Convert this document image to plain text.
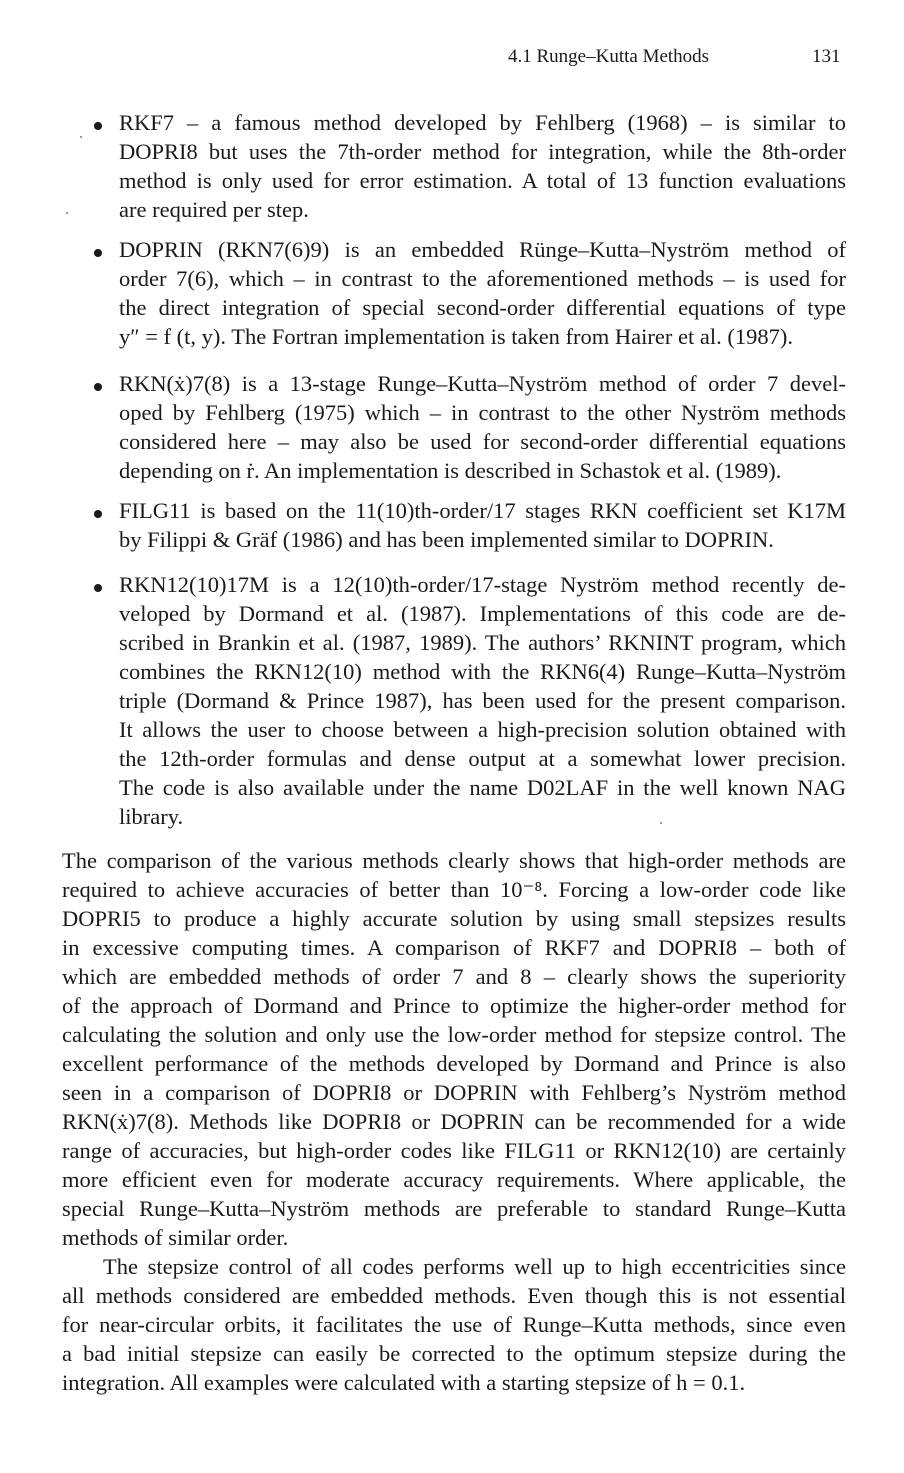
4.1 Runge–Kutta Methods	131
RKF7 – a famous method developed by Fehlberg (1968) – is similar to
DOPRI8 but uses the 7th-order method for integration, while the 8th-order
method is only used for error estimation. A total of 13 function evaluations
are required per step.
DOPRIN (RKN7(6)9) is an embedded Rünge–Kutta–Nyström method of
order 7(6), which – in contrast to the aforementioned methods – is used for
the direct integration of special second-order differential equations of type
y″ = f (t, y). The Fortran implementation is taken from Hairer et al. (1987).
RKN(ẋ)7(8) is a 13-stage Runge–Kutta–Nyström method of order 7 devel-
oped by Fehlberg (1975) which – in contrast to the other Nyström methods
considered here – may also be used for second-order differential equations
depending on ṙ. An implementation is described in Schastok et al. (1989).
FILG11 is based on the 11(10)th-order/17 stages RKN coefficient set K17M
by Filippi & Gräf (1986) and has been implemented similar to DOPRIN.
RKN12(10)17M is a 12(10)th-order/17-stage Nyström method recently de-
veloped by Dormand et al. (1987). Implementations of this code are de-
scribed in Brankin et al. (1987, 1989). The authors’ RKNINT program, which
combines the RKN12(10) method with the RKN6(4) Runge–Kutta–Nyström
triple (Dormand & Prince 1987), has been used for the present comparison.
It allows the user to choose between a high-precision solution obtained with
the 12th-order formulas and dense output at a somewhat lower precision.
The code is also available under the name D02LAF in the well known NAG
library.
The comparison of the various methods clearly shows that high-order methods are
required to achieve accuracies of better than 10⁻⁸. Forcing a low-order code like
DOPRI5 to produce a highly accurate solution by using small stepsizes results
in excessive computing times. A comparison of RKF7 and DOPRI8 – both of
which are embedded methods of order 7 and 8 – clearly shows the superiority
of the approach of Dormand and Prince to optimize the higher-order method for
calculating the solution and only use the low-order method for stepsize control. The
excellent performance of the methods developed by Dormand and Prince is also
seen in a comparison of DOPRI8 or DOPRIN with Fehlberg’s Nyström method
RKN(ẋ)7(8). Methods like DOPRI8 or DOPRIN can be recommended for a wide
range of accuracies, but high-order codes like FILG11 or RKN12(10) are certainly
more efficient even for moderate accuracy requirements. Where applicable, the
special Runge–Kutta–Nyström methods are preferable to standard Runge–Kutta
methods of similar order.
The stepsize control of all codes performs well up to high eccentricities since
all methods considered are embedded methods. Even though this is not essential
for near-circular orbits, it facilitates the use of Runge–Kutta methods, since even
a bad initial stepsize can easily be corrected to the optimum stepsize during the
integration. All examples were calculated with a starting stepsize of h = 0.1.
